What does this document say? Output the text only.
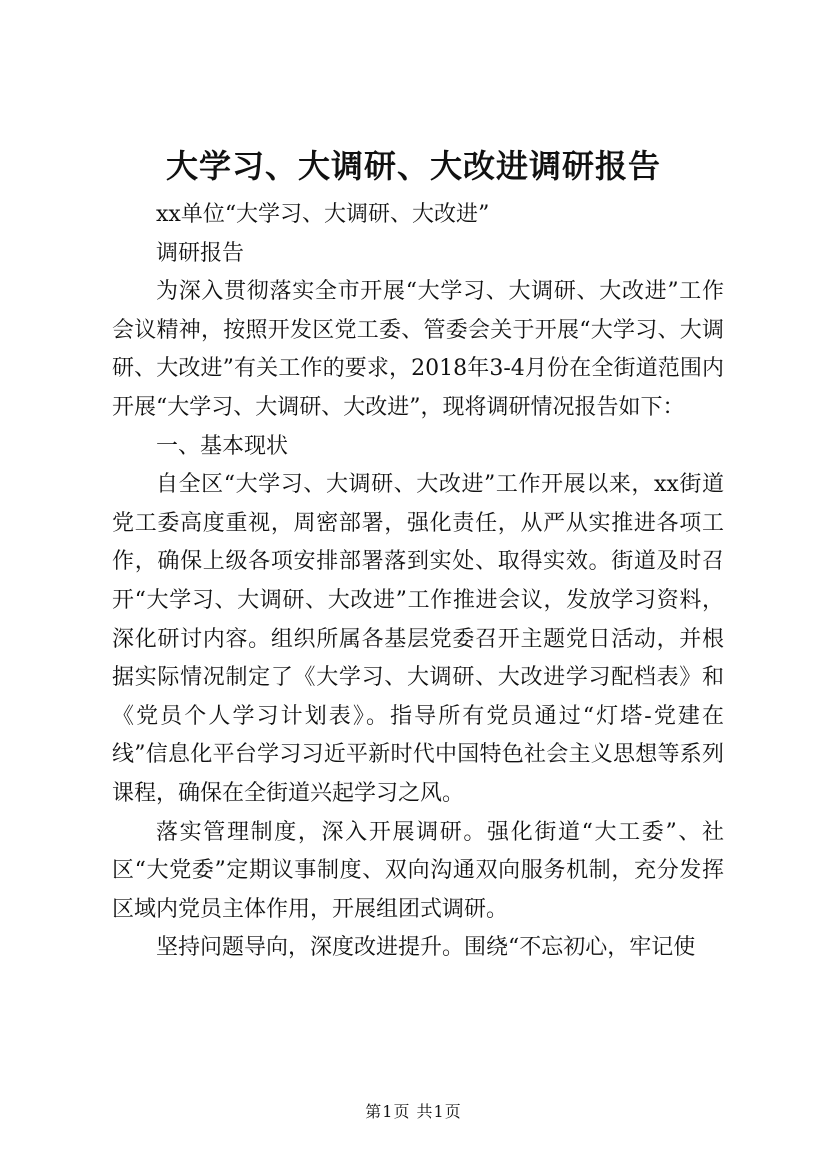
大学习、大调研、大改进调研报告

xx单位“大学习、大调研、大改进”

调研报告

为深入贯彻落实全市开展“大学习、大调研、大改进”工作会议精神，按照开发区党工委、管委会关于开展“大学习、大调研、大改进”有关工作的要求，2018年3-4月份在全街道范围内开展“大学习、大调研、大改进”，现将调研情况报告如下：

一、基本现状

自全区“大学习、大调研、大改进”工作开展以来，xx街道党工委高度重视，周密部署，强化责任，从严从实推进各项工作，确保上级各项安排部署落到实处、取得实效。街道及时召开“大学习、大调研、大改进”工作推进会议，发放学习资料，深化研讨内容。组织所属各基层党委召开主题党日活动，并根据实际情况制定了《大学习、大调研、大改进学习配档表》和《党员个人学习计划表》。指导所有党员通过“灯塔-党建在线”信息化平台学习习近平新时代中国特色社会主义思想等系列课程，确保在全街道兴起学习之风。

落实管理制度，深入开展调研。强化街道“大工委”、社区“大党委”定期议事制度、双向沟通双向服务机制，充分发挥区域内党员主体作用，开展组团式调研。

坚持问题导向，深度改进提升。围绕“不忘初心，牢记使

第1页 共1页
